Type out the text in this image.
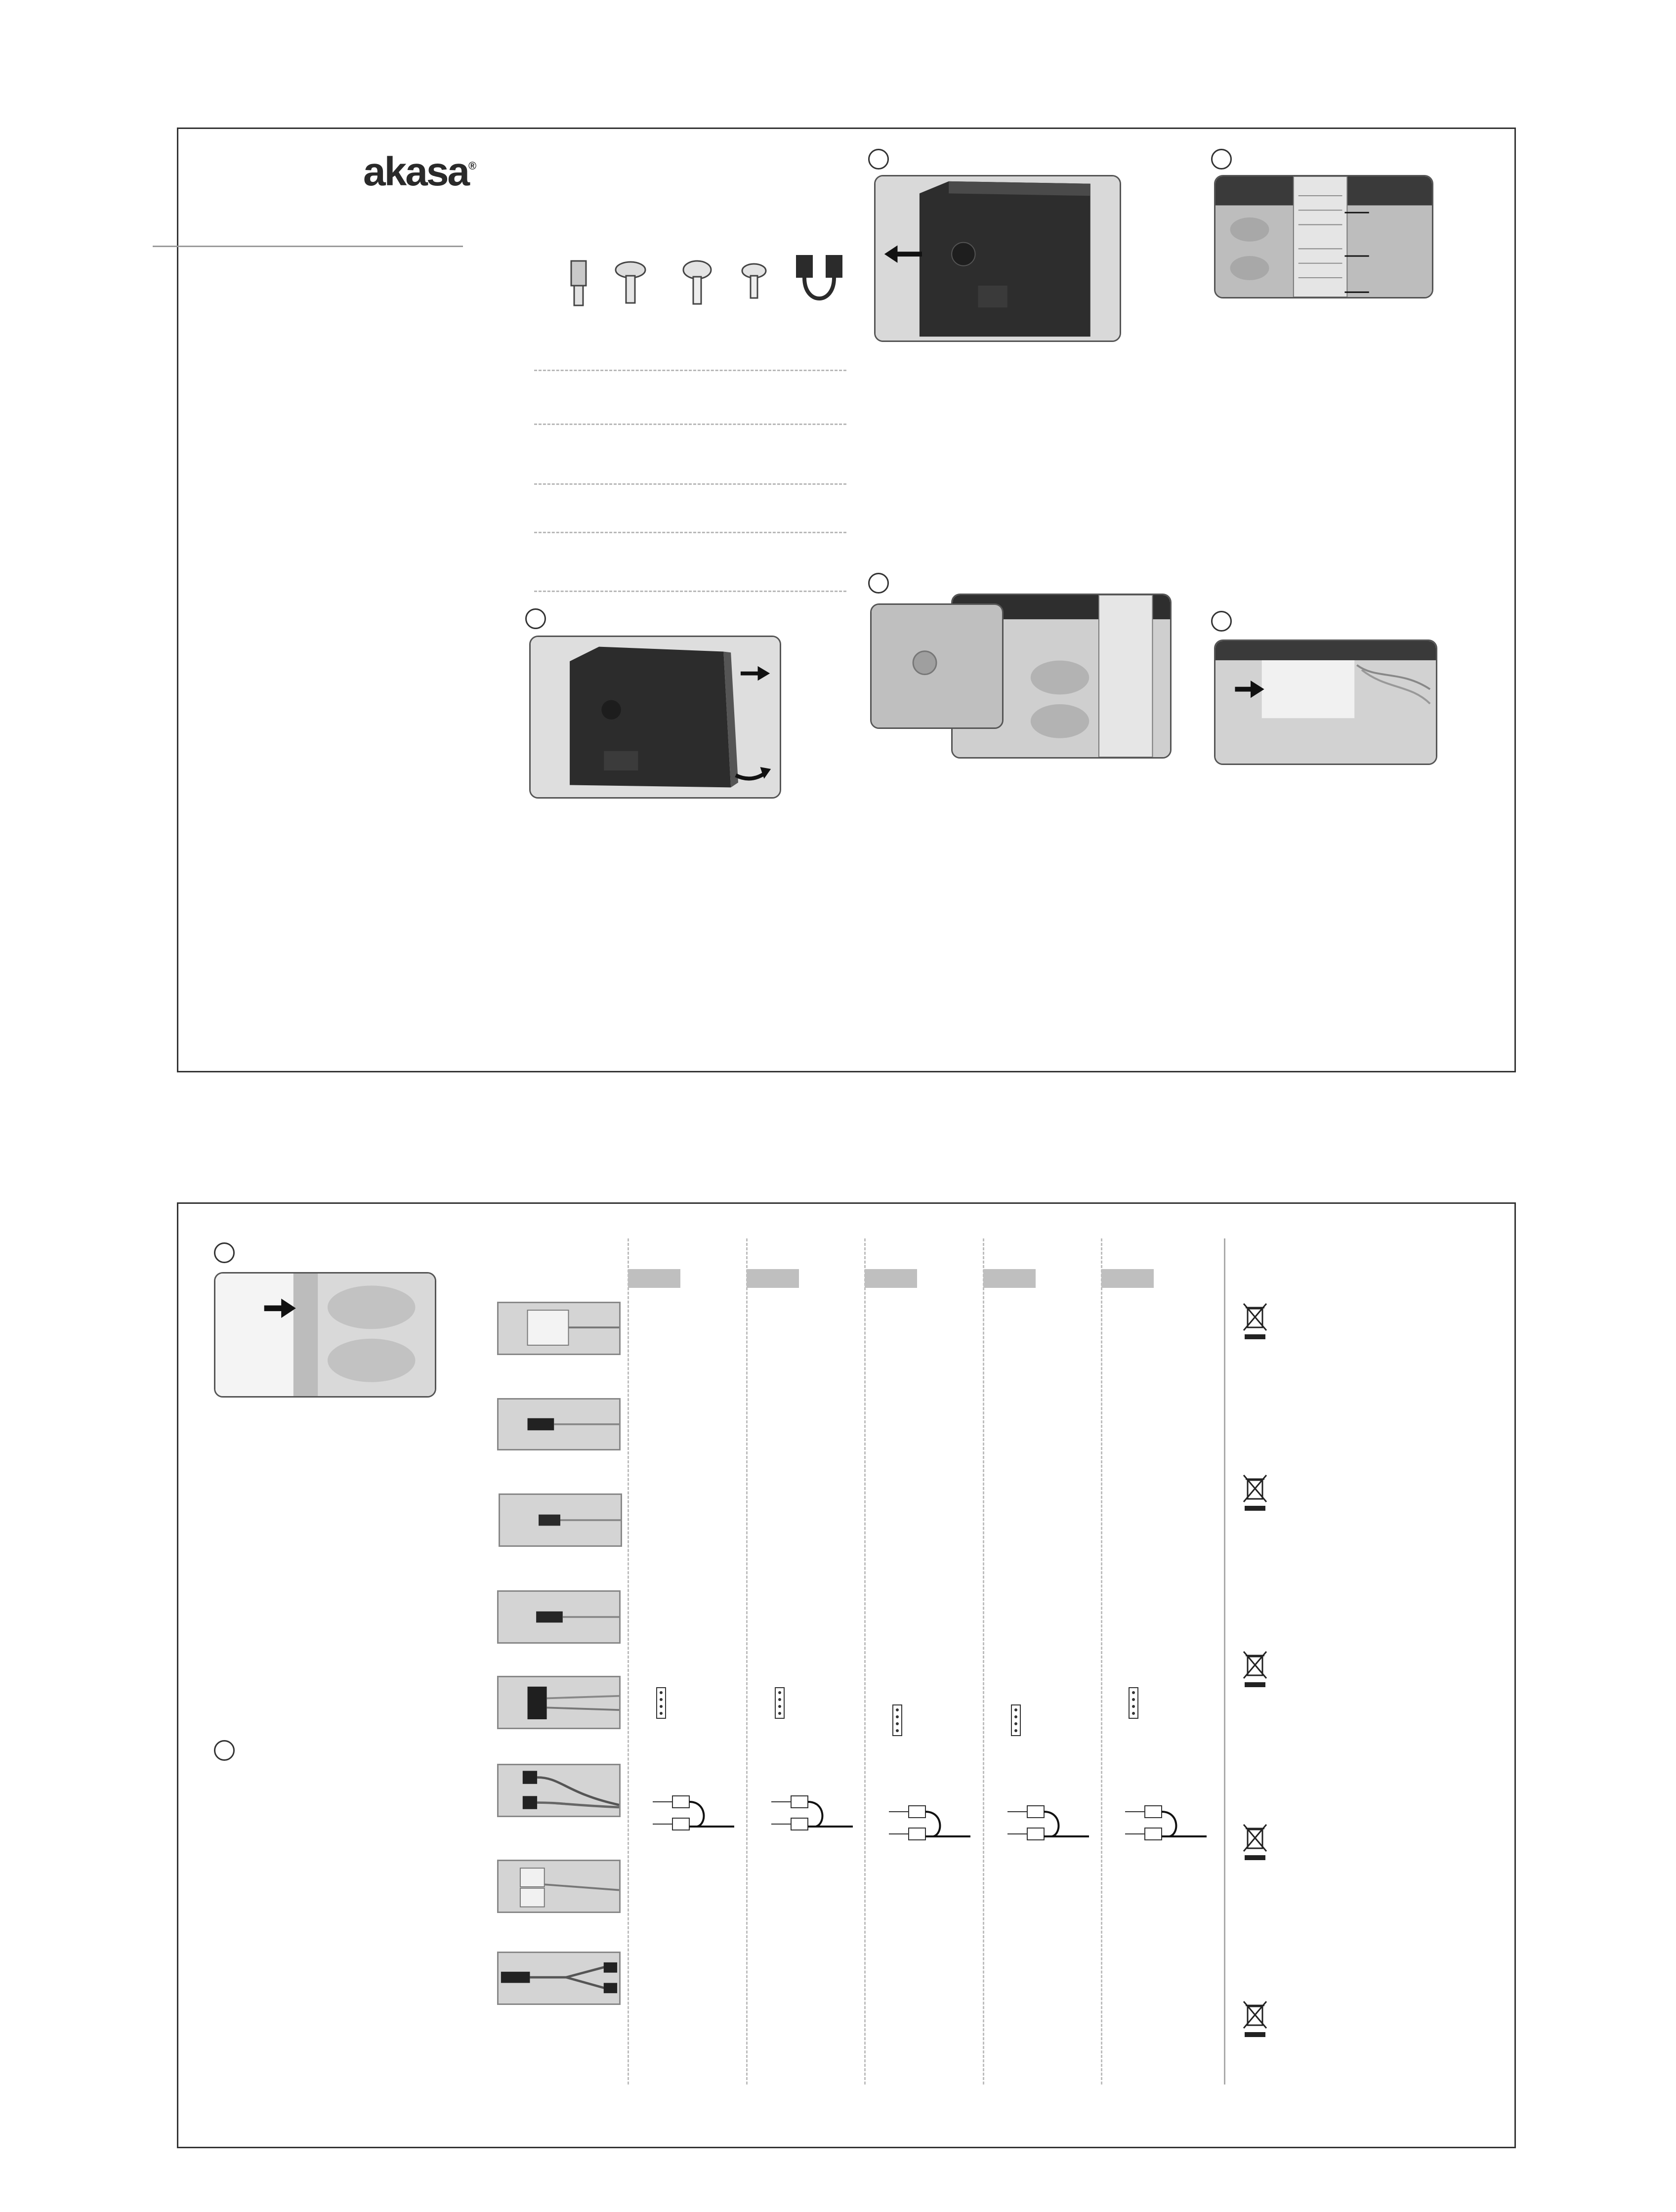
akasa®
